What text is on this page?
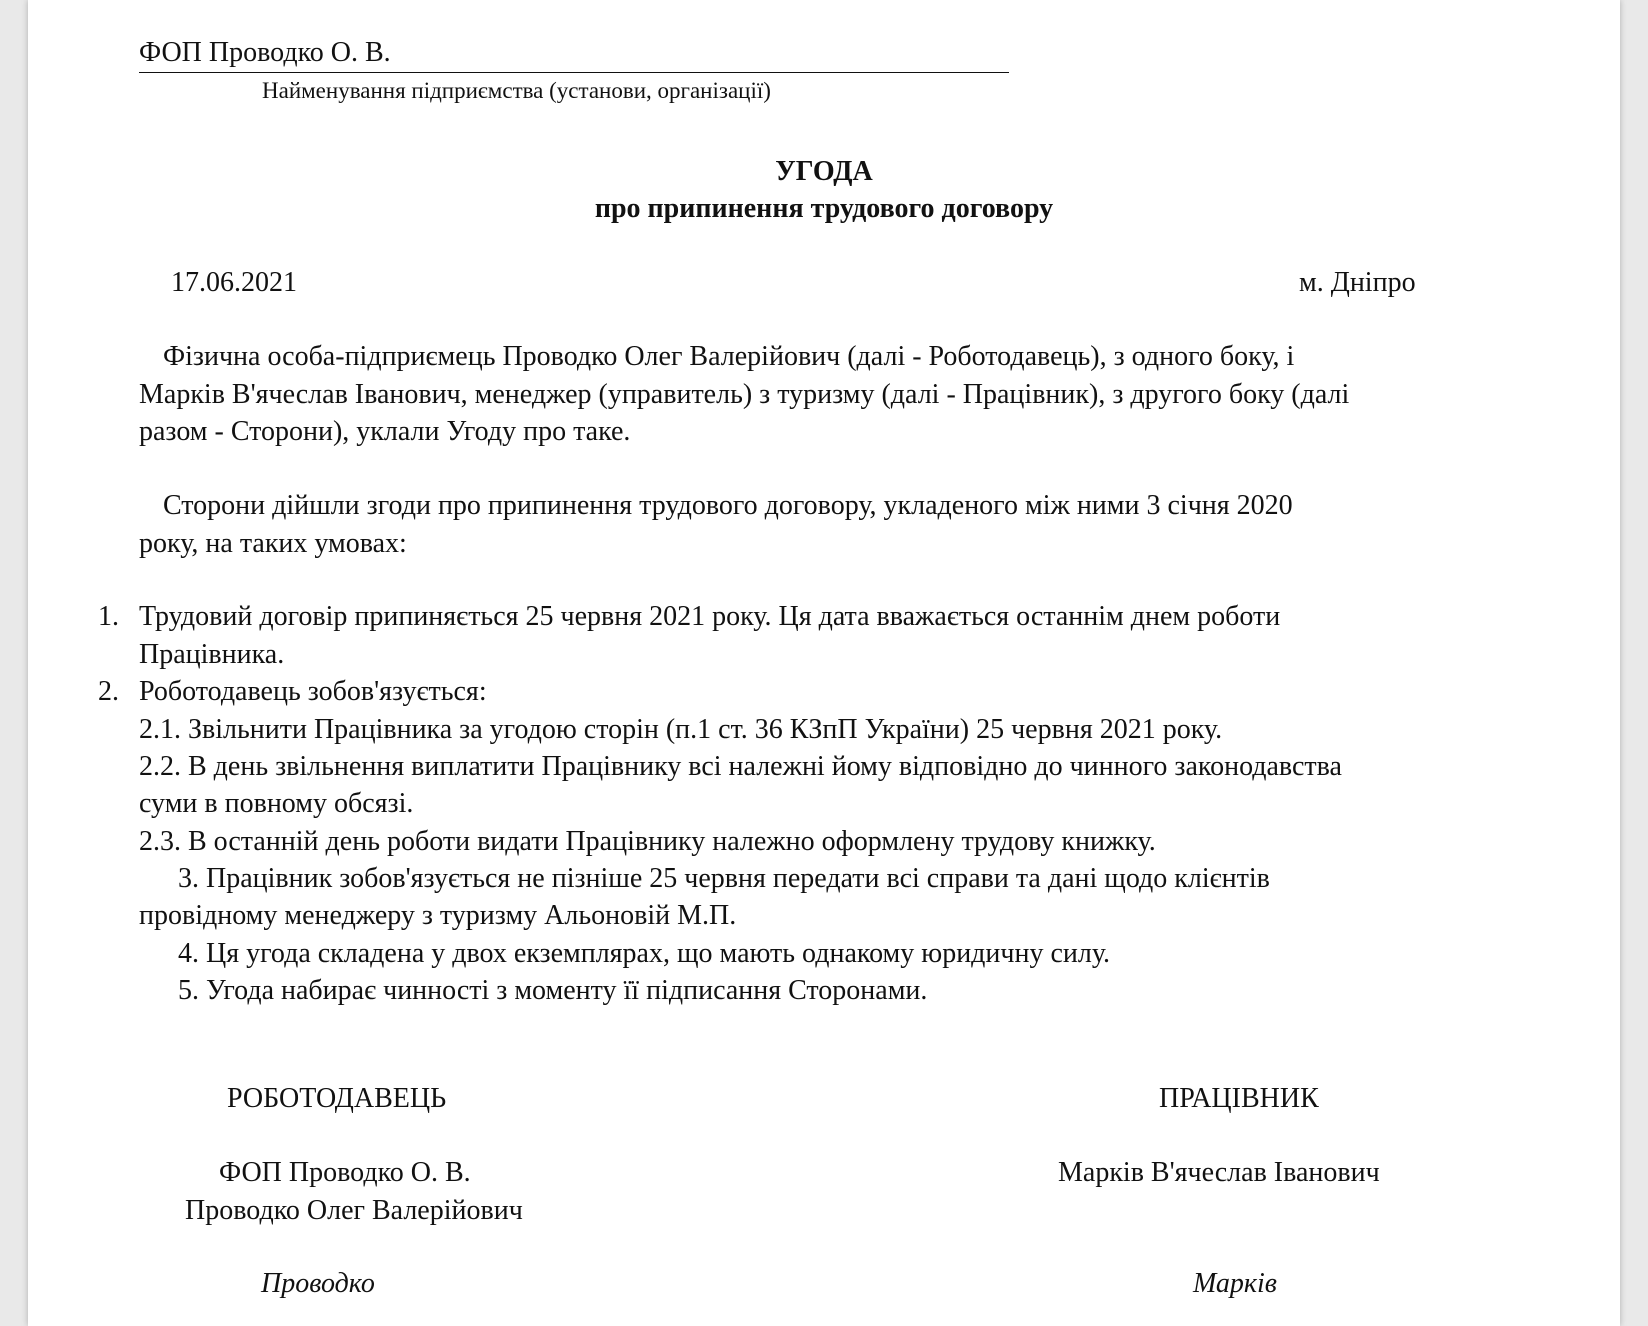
ФОП Проводко О. В.
Найменування підприємства (установи, організації)
УГОДА
про припинення трудового договору
17.06.2021	м. Дніпро
Фізична особа-підприємець Проводко Олег Валерійович (далі - Роботодавець), з одного боку, і
Марків В'ячеслав Іванович, менеджер (управитель) з туризму (далі - Працівник), з другого боку (далі
разом - Сторони), уклали Угоду про таке.
Сторони дійшли згоди про припинення трудового договору, укладеного між ними 3 січня 2020
року, на таких умовах:
1. Трудовий договір припиняється 25 червня 2021 року. Ця дата вважається останнім днем роботи
Працівника.
2. Роботодавець зобов'язується:
2.1. Звільнити Працівника за угодою сторін (п.1 ст. 36 КЗпП України) 25 червня 2021 року.
2.2. В день звільнення виплатити Працівнику всі належні йому відповідно до чинного законодавства
суми в повному обсязі.
2.3. В останній день роботи видати Працівнику належно оформлену трудову книжку.
3. Працівник зобов'язується не пізніше 25 червня передати всі справи та дані щодо клієнтів
провідному менеджеру з туризму Альоновій М.П.
4. Ця угода складена у двох екземплярах, що мають однакому юридичну силу.
5. Угода набирає чинності з моменту її підписання Сторонами.
РОБОТОДАВЕЦЬ	ПРАЦІВНИК
ФОП Проводко О. В.
Проводко Олег Валерійович
Марків В'ячеслав Іванович
Проводко	Марків
